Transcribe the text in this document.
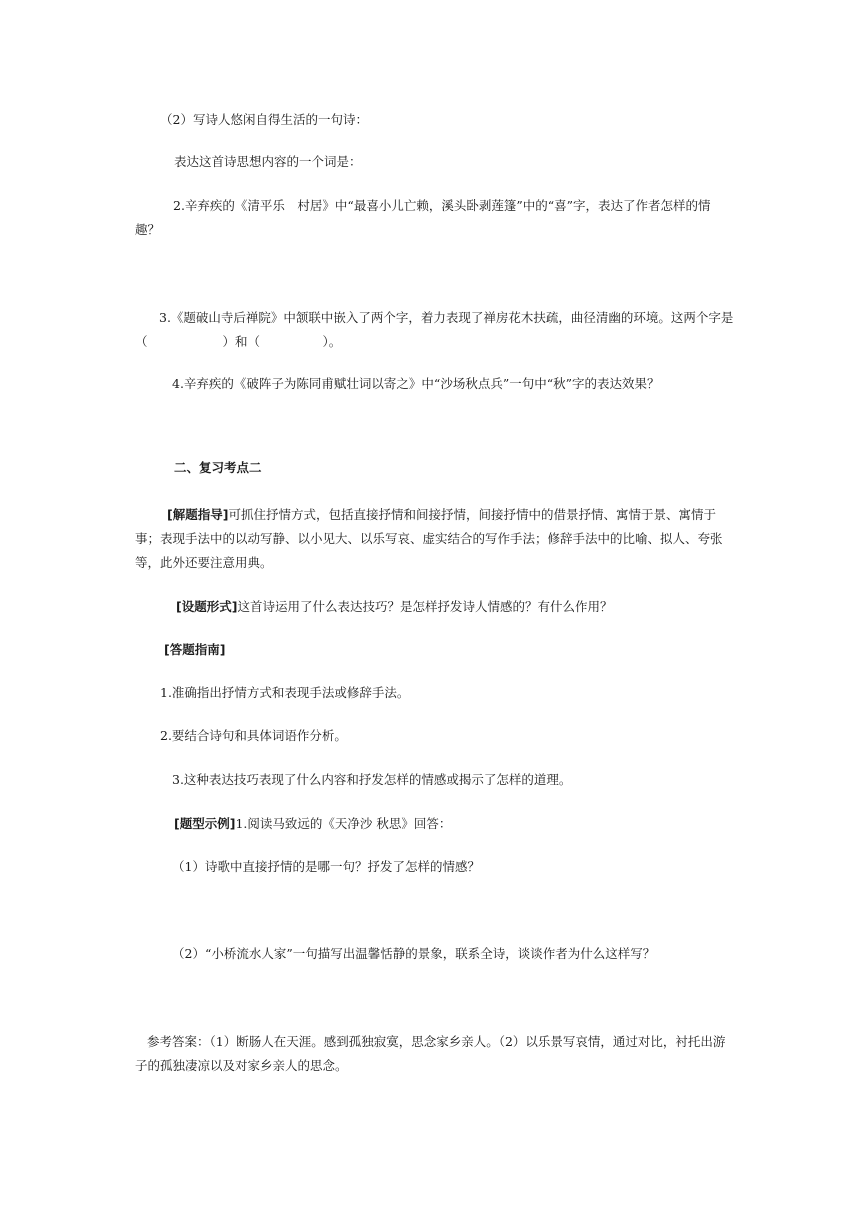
（2）写诗人悠闲自得生活的一句诗：
表达这首诗思想内容的一个词是：
2.辛弃疾的《清平乐　村居》中“最喜小儿亡赖，溪头卧剥莲篷”中的“喜”字，表达了作者怎样的情趣？
3.《题破山寺后禅院》中颔联中嵌入了两个字，着力表现了禅房花木扶疏，曲径清幽的环境。这两个字是（　　　　　　）和（　　　　　）。
4.辛弃疾的《破阵子为陈同甫赋壮词以寄之》中“沙场秋点兵”一句中“秋”字的表达效果？
二、复习考点二
[解题指导]可抓住抒情方式，包括直接抒情和间接抒情，间接抒情中的借景抒情、寓情于景、寓情于事；表现手法中的以动写静、以小见大、以乐写哀、虚实结合的写作手法；修辞手法中的比喻、拟人、夸张等，此外还要注意用典。
[设题形式]这首诗运用了什么表达技巧？是怎样抒发诗人情感的？有什么作用？
[答题指南]
1.准确指出抒情方式和表现手法或修辞手法。
2.要结合诗句和具体词语作分析。
3.这种表达技巧表现了什么内容和抒发怎样的情感或揭示了怎样的道理。
[题型示例]1.阅读马致远的《天净沙 秋思》回答：
（1）诗歌中直接抒情的是哪一句？抒发了怎样的情感？
（2）“小桥流水人家”一句描写出温馨恬静的景象，联系全诗，谈谈作者为什么这样写？
参考答案：（1）断肠人在天涯。感到孤独寂寞，思念家乡亲人。（2）以乐景写哀情，通过对比，衬托出游子的孤独凄凉以及对家乡亲人的思念。
